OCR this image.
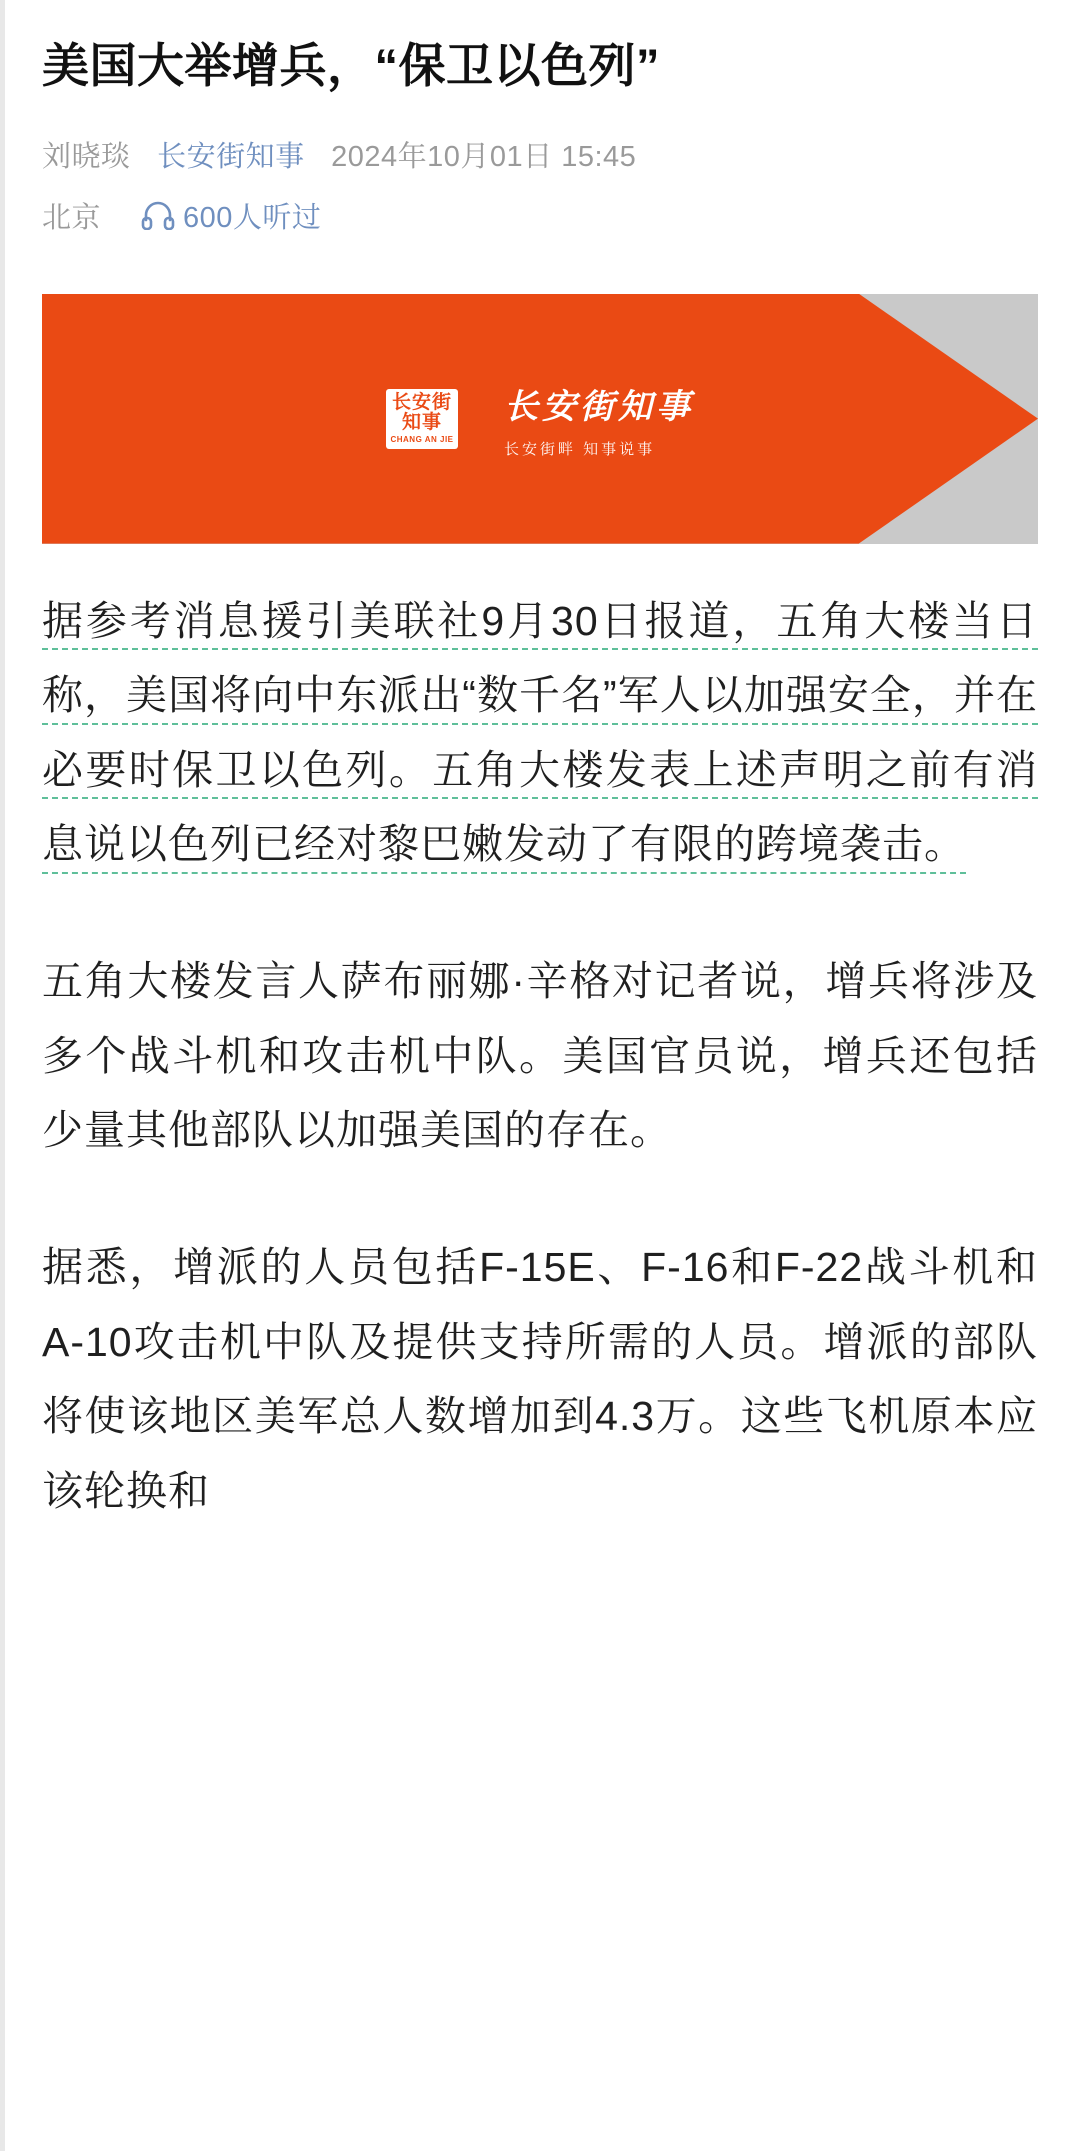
美国大举增兵，“保卫以色列”
刘晓琰 长安街知事 2024年10月01日 15:45
北京	600人听过
长安街
知事
CHANG AN JIE
长安街知事
长安街畔 知事说事

据参考消息援引美联社9月30日报道，五角大楼当日称，美国将向中东派出“数千名”军人以加强安全，并在必要时保卫以色列。五角大楼发表上述声明之前有消息说以色列已经对黎巴嫩发动了有限的跨境袭击。

五角大楼发言人萨布丽娜·辛格对记者说，增兵将涉及多个战斗机和攻击机中队。美国官员说，增兵还包括少量其他部队以加强美国的存在。

据悉，增派的人员包括F-15E、F-16和F-22战斗机和A-10攻击机中队及提供支持所需的人员。增派的部队将使该地区美军总人数增加到4.3万。这些飞机原本应该轮换和
